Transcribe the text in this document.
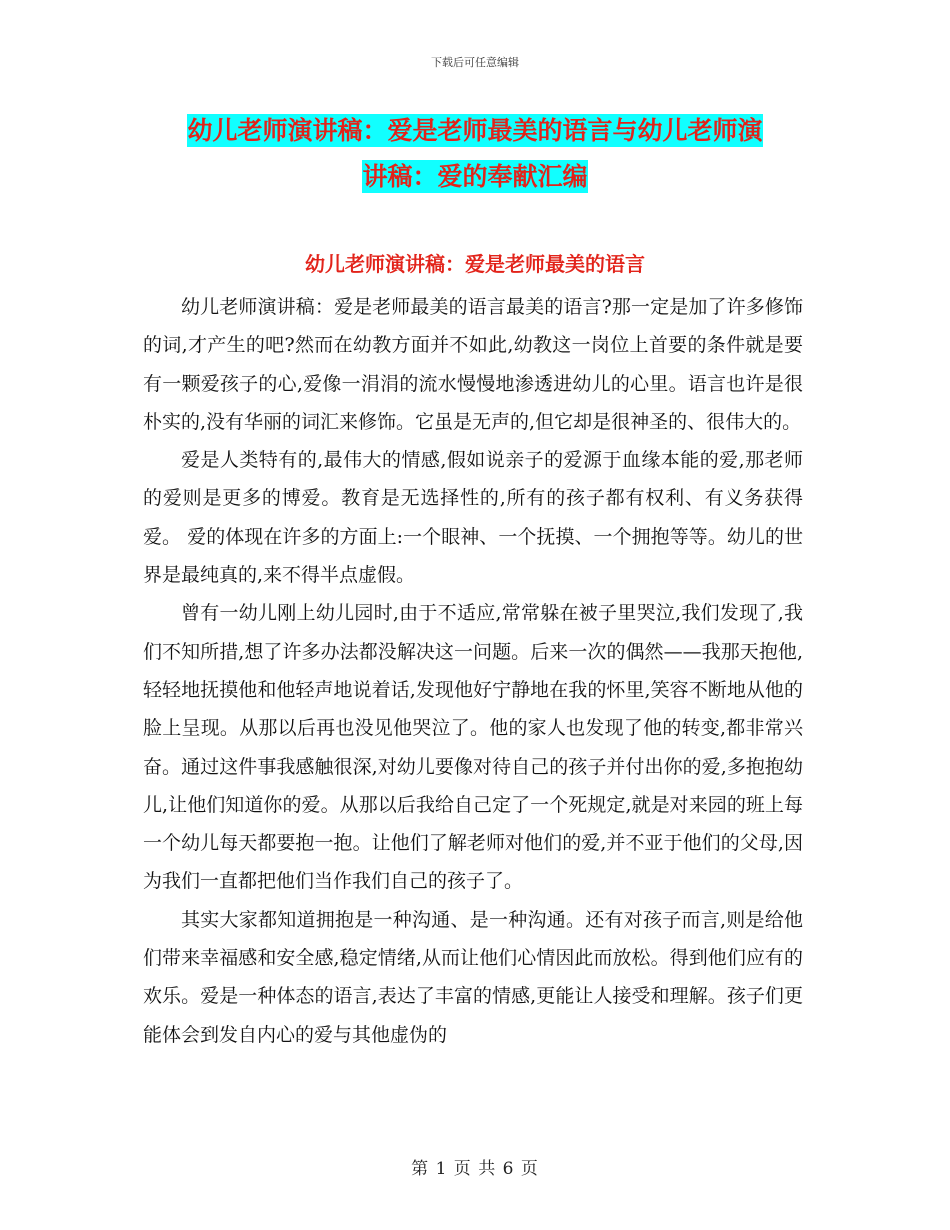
下载后可任意编辑
幼儿老师演讲稿：爱是老师最美的语言与幼儿老师演
讲稿：爱的奉献汇编
幼儿老师演讲稿：爱是老师最美的语言

幼儿老师演讲稿：爱是老师最美的语言最美的语言?那一定是加了许多修饰的词,才产生的吧?然而在幼教方面并不如此,幼教这一岗位上首要的条件就是要有一颗爱孩子的心,爱像一涓涓的流水慢慢地渗透进幼儿的心里。语言也许是很朴实的,没有华丽的词汇来修饰。它虽是无声的,但它却是很神圣的、很伟大的。

爱是人类特有的,最伟大的情感,假如说亲子的爱源于血缘本能的爱,那老师的爱则是更多的博爱。教育是无选择性的,所有的孩子都有权利、有义务获得爱。 爱的体现在许多的方面上:一个眼神、一个抚摸、一个拥抱等等。幼儿的世界是最纯真的,来不得半点虚假。

曾有一幼儿刚上幼儿园时,由于不适应,常常躲在被子里哭泣,我们发现了,我们不知所措,想了许多办法都没解决这一问题。后来一次的偶然——我那天抱他,轻轻地抚摸他和他轻声地说着话,发现他好宁静地在我的怀里,笑容不断地从他的脸上呈现。从那以后再也没见他哭泣了。他的家人也发现了他的转变,都非常兴奋。通过这件事我感触很深,对幼儿要像对待自己的孩子并付出你的爱,多抱抱幼儿,让他们知道你的爱。从那以后我给自己定了一个死规定,就是对来园的班上每一个幼儿每天都要抱一抱。让他们了解老师对他们的爱,并不亚于他们的父母,因为我们一直都把他们当作我们自己的孩子了。

其实大家都知道拥抱是一种沟通、是一种沟通。还有对孩子而言,则是给他们带来幸福感和安全感,稳定情绪,从而让他们心情因此而放松。得到他们应有的欢乐。爱是一种体态的语言,表达了丰富的情感,更能让人接受和理解。孩子们更能体会到发自内心的爱与其他虚伪的

第 1 页 共 6 页
